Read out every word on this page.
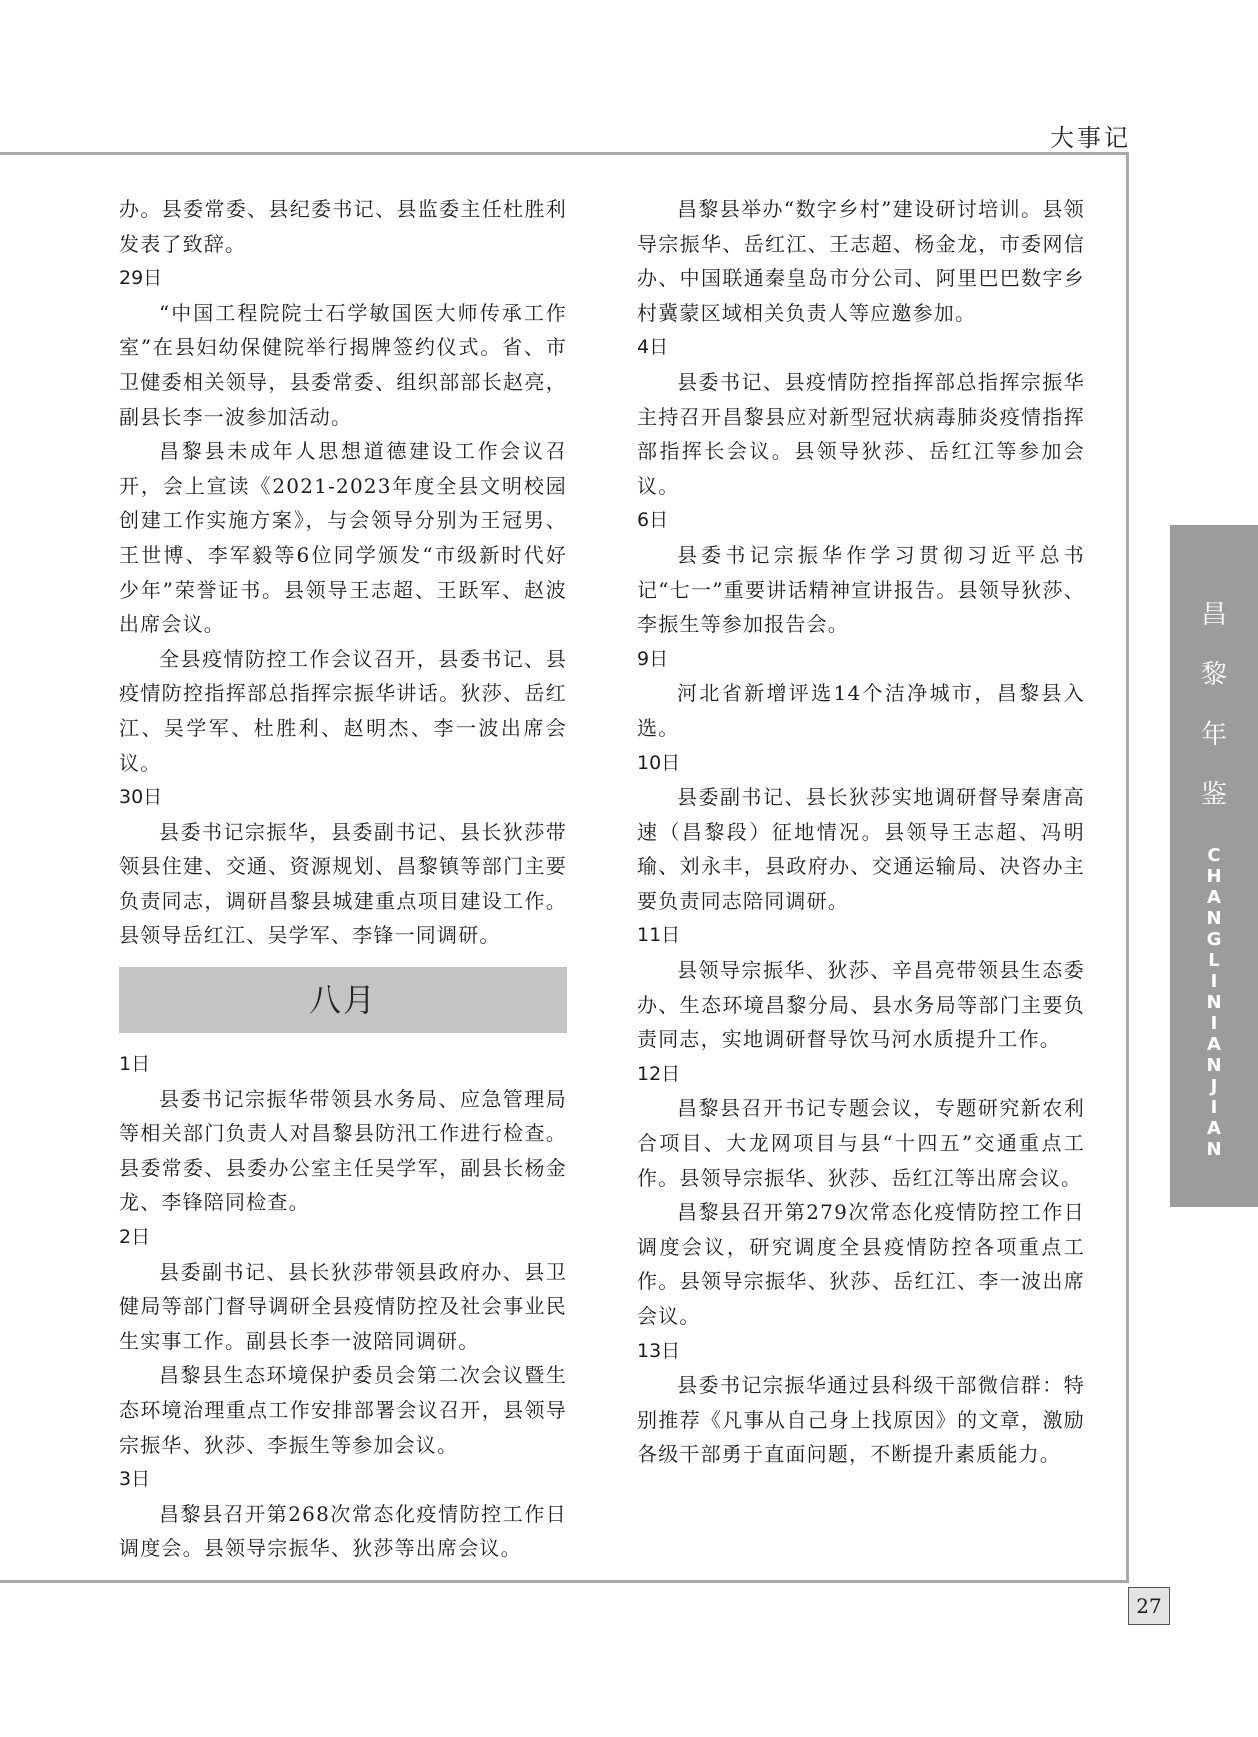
大事记

办。县委常委、县纪委书记、县监委主任杜胜利发表了致辞。

29日

“中国工程院院士石学敏国医大师传承工作室”在县妇幼保健院举行揭牌签约仪式。省、市卫健委相关领导，县委常委、组织部部长赵亮，副县长李一波参加活动。

昌黎县未成年人思想道德建设工作会议召开，会上宣读《2021-2023年度全县文明校园创建工作实施方案》，与会领导分别为王冠男、王世博、李军毅等6位同学颁发“市级新时代好少年”荣誉证书。县领导王志超、王跃军、赵波出席会议。

全县疫情防控工作会议召开，县委书记、县疫情防控指挥部总指挥宗振华讲话。狄莎、岳红江、吴学军、杜胜利、赵明杰、李一波出席会议。

30日

县委书记宗振华，县委副书记、县长狄莎带领县住建、交通、资源规划、昌黎镇等部门主要负责同志，调研昌黎县城建重点项目建设工作。县领导岳红江、吴学军、李锋一同调研。

八月
1日

县委书记宗振华带领县水务局、应急管理局等相关部门负责人对昌黎县防汛工作进行检查。县委常委、县委办公室主任吴学军，副县长杨金龙、李锋陪同检查。

2日

县委副书记、县长狄莎带领县政府办、县卫健局等部门督导调研全县疫情防控及社会事业民生实事工作。副县长李一波陪同调研。

昌黎县生态环境保护委员会第二次会议暨生态环境治理重点工作安排部署会议召开，县领导宗振华、狄莎、李振生等参加会议。

3日

昌黎县召开第268次常态化疫情防控工作日调度会。县领导宗振华、狄莎等出席会议。

昌黎县举办“数字乡村”建设研讨培训。县领导宗振华、岳红江、王志超、杨金龙，市委网信办、中国联通秦皇岛市分公司、阿里巴巴数字乡村冀蒙区域相关负责人等应邀参加。

4日

县委书记、县疫情防控指挥部总指挥宗振华主持召开昌黎县应对新型冠状病毒肺炎疫情指挥部指挥长会议。县领导狄莎、岳红江等参加会议。

6日

县委书记宗振华作学习贯彻习近平总书记“七一”重要讲话精神宣讲报告。县领导狄莎、李振生等参加报告会。

9日

河北省新增评选14个洁净城市，昌黎县入选。

10日

县委副书记、县长狄莎实地调研督导秦唐高速（昌黎段）征地情况。县领导王志超、冯明瑜、刘永丰，县政府办、交通运输局、决咨办主要负责同志陪同调研。

11日

县领导宗振华、狄莎、辛昌亮带领县生态委办、生态环境昌黎分局、县水务局等部门主要负责同志，实地调研督导饮马河水质提升工作。

12日

昌黎县召开书记专题会议，专题研究新农利合项目、大龙网项目与县“十四五”交通重点工作。县领导宗振华、狄莎、岳红江等出席会议。

昌黎县召开第279次常态化疫情防控工作日调度会议，研究调度全县疫情防控各项重点工作。县领导宗振华、狄莎、岳红江、李一波出席会议。

13日

县委书记宗振华通过县科级干部微信群：特别推荐《凡事从自己身上找原因》的文章，激励各级干部勇于直面问题，不断提升素质能力。

昌
黎
年
鉴
C
H
A
N
G
L
I
N
I
A
N
J
I
A
N
27
